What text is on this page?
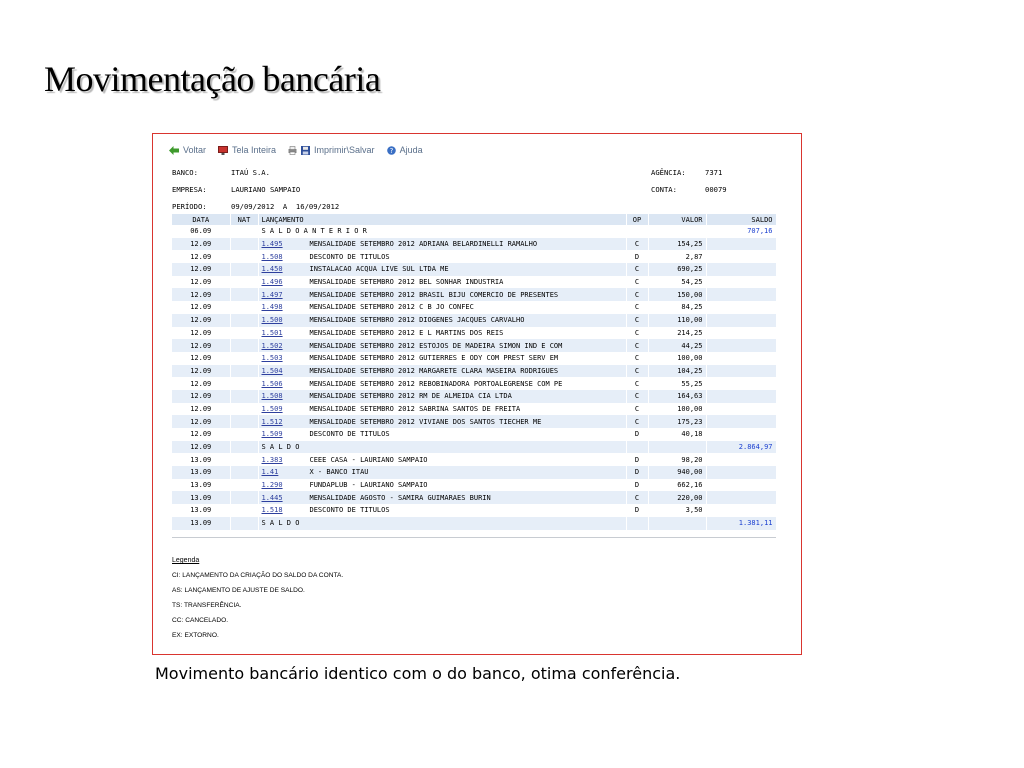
Movimentação bancária
Voltar	Tela Inteira	Imprimir\Salvar ? Ajuda
BANCO:	ITAÚ S.A.
EMPRESA:	LAURIANO SAMPAIO
PERÍODO:	09/09/2012  A  16/09/2012
AGÊNCIA:	7371
CONTA:	00079
DATA	NAT	LANÇAMENTO	OP	VALOR	SALDO
06.09		S A L D O A N T E R I O R			707,16
12.09		1.495 MENSALIDADE SETEMBRO 2012 ADRIANA BELARDINELLI RAMALHO	C	154,25	
12.09		1.508 DESCONTO DE TITULOS	D	2,87	
12.09		1.450 INSTALACAO ACQUA LIVE SUL LTDA ME	C	690,25	
12.09		1.496 MENSALIDADE SETEMBRO 2012 BEL SONHAR INDUSTRIA	C	54,25	
12.09		1.497 MENSALIDADE SETEMBRO 2012 BRASIL BIJU COMERCIO DE PRESENTES	C	150,00	
12.09		1.498 MENSALIDADE SETEMBRO 2012 C B JO CONFEC	C	84,25	
12.09		1.500 MENSALIDADE SETEMBRO 2012 DIOGENES JACQUES CARVALHO	C	110,00	
12.09		1.501 MENSALIDADE SETEMBRO 2012 E L MARTINS DOS REIS	C	214,25	
12.09		1.502 MENSALIDADE SETEMBRO 2012 ESTOJOS DE MADEIRA SIMON IND E COM	C	44,25	
12.09		1.503 MENSALIDADE SETEMBRO 2012 GUTIERRES E ODY COM PREST SERV EM	C	100,00	
12.09		1.504 MENSALIDADE SETEMBRO 2012 MARGARETE CLARA MASEIRA RODRIGUES	C	104,25	
12.09		1.506 MENSALIDADE SETEMBRO 2012 REBOBINADORA PORTOALEGRENSE COM PE	C	55,25	
12.09		1.508 MENSALIDADE SETEMBRO 2012 RM DE ALMEIDA CIA LTDA	C	164,63	
12.09		1.509 MENSALIDADE SETEMBRO 2012 SABRINA SANTOS DE FREITA	C	100,00	
12.09		1.512 MENSALIDADE SETEMBRO 2012 VIVIANE DOS SANTOS TIECHER ME	C	175,23	
12.09		1.509 DESCONTO DE TITULOS	D	40,18	
12.09		S A L D O			2.864,97
13.09		1.383 CEEE CASA - LAURIANO SAMPAIO	D	98,20	
13.09		1.41 X - BANCO ITAU	D	940,00	
13.09		1.290 FUNDAPLUB - LAURIANO SAMPAIO	D	662,16	
13.09		1.445 MENSALIDADE AGOSTO - SAMIRA GUIMARAES BURIN	C	220,00	
13.09		1.518 DESCONTO DE TITULOS	D	3,50	
13.09		S A L D O			1.381,11
Legenda
CI: LANÇAMENTO DA CRIAÇÃO DO SALDO DA CONTA.
AS: LANÇAMENTO DE AJUSTE DE SALDO.
TS: TRANSFERÊNCIA.
CC: CANCELADO.
EX: EXTORNO.
Movimento bancário identico com o do banco, otima conferência.
